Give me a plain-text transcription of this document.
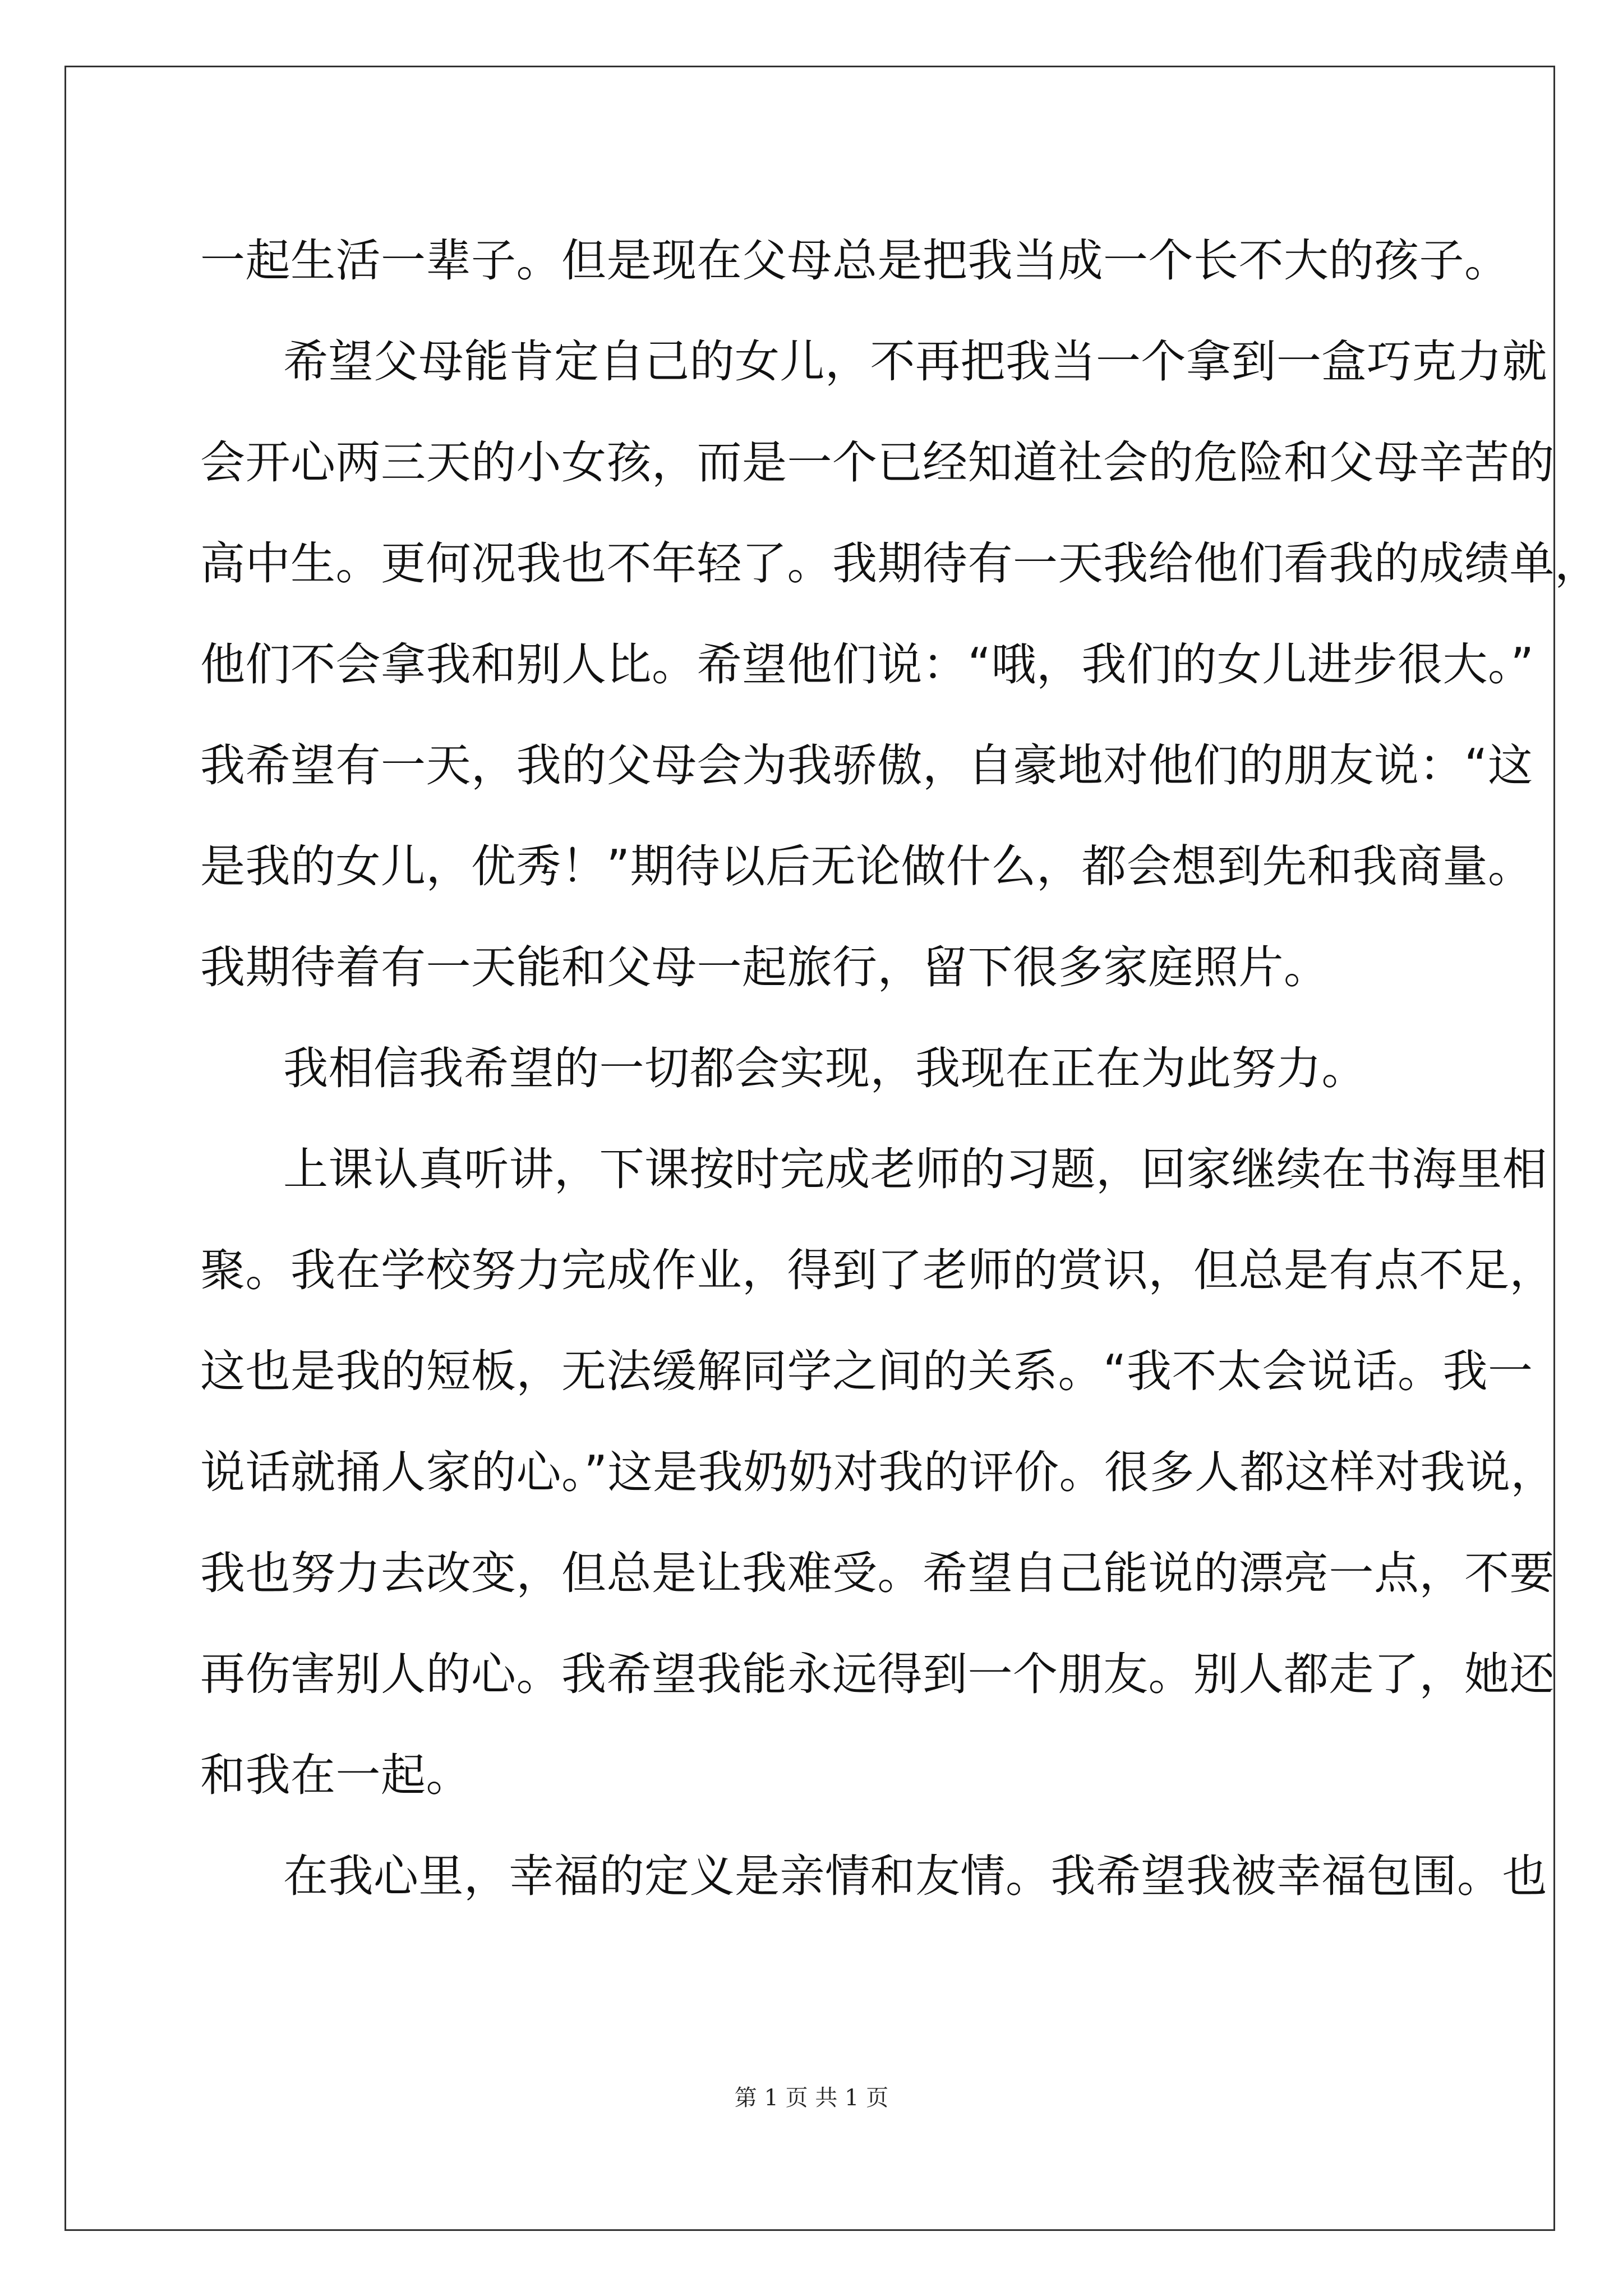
一起生活一辈子。但是现在父母总是把我当成一个长不大的孩子。
希望父母能肯定自己的女儿，不再把我当一个拿到一盒巧克力就
会开心两三天的小女孩，而是一个已经知道社会的危险和父母辛苦的
高中生。更何况我也不年轻了。我期待有一天我给他们看我的成绩单，
他们不会拿我和别人比。希望他们说：“哦，我们的女儿进步很大。”
我希望有一天，我的父母会为我骄傲，自豪地对他们的朋友说：“这
是我的女儿，优秀！”期待以后无论做什么，都会想到先和我商量。
我期待着有一天能和父母一起旅行，留下很多家庭照片。
我相信我希望的一切都会实现，我现在正在为此努力。
上课认真听讲，下课按时完成老师的习题，回家继续在书海里相
聚。我在学校努力完成作业，得到了老师的赏识，但总是有点不足，
这也是我的短板，无法缓解同学之间的关系。“我不太会说话。我一
说话就捅人家的心。”这是我奶奶对我的评价。很多人都这样对我说，
我也努力去改变，但总是让我难受。希望自己能说的漂亮一点，不要
再伤害别人的心。我希望我能永远得到一个朋友。别人都走了，她还
和我在一起。
在我心里，幸福的定义是亲情和友情。我希望我被幸福包围。也
第 1 页 共 1 页
